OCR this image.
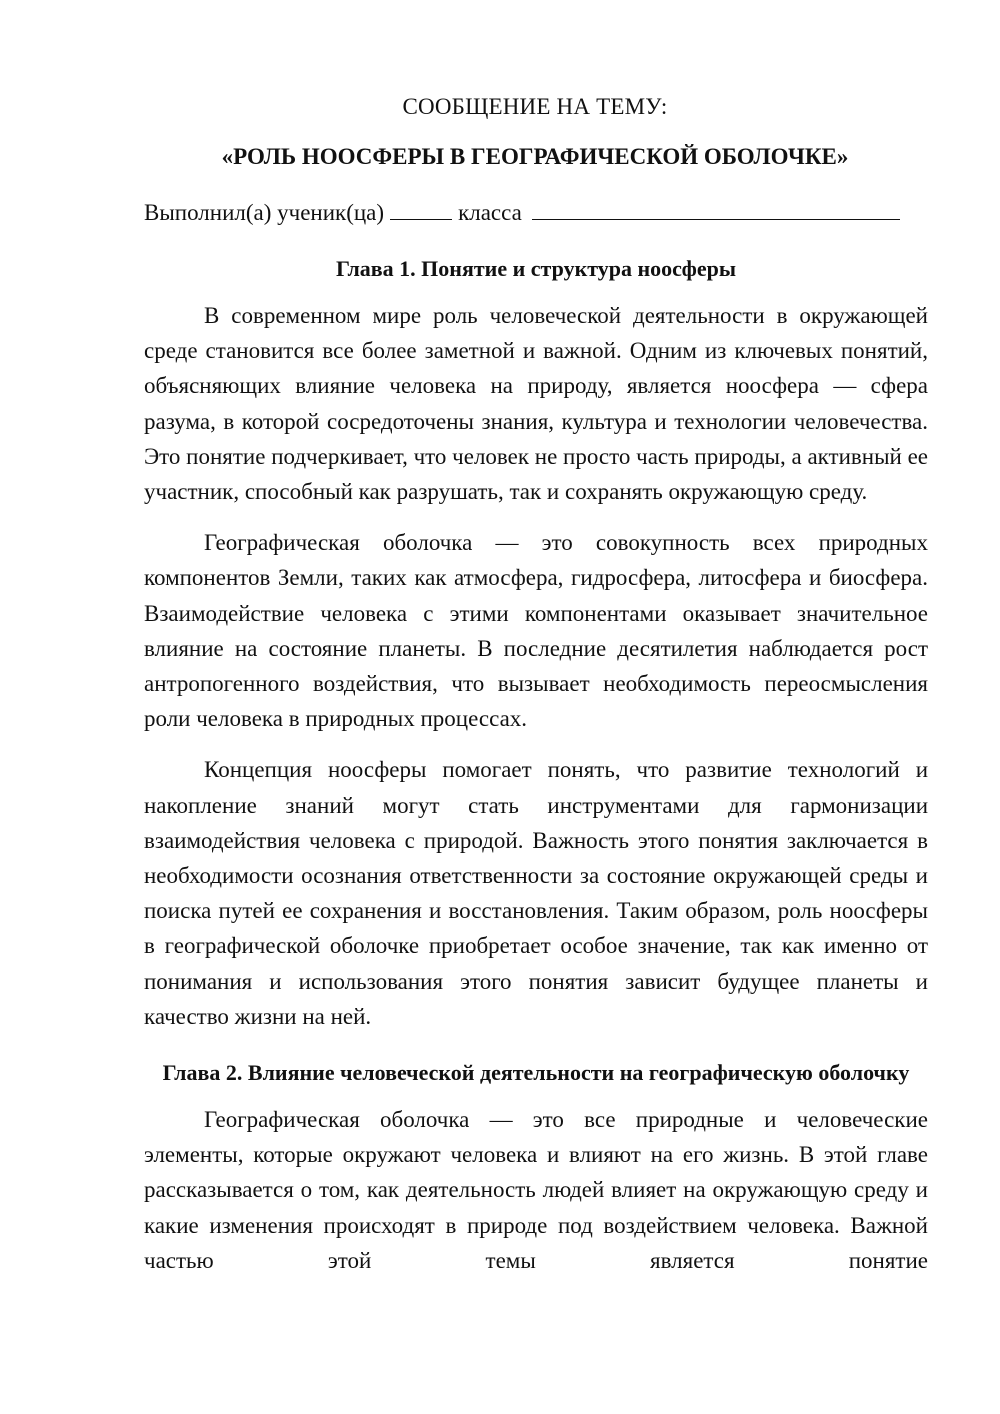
СООБЩЕНИЕ НА ТЕМУ:
«РОЛЬ НООСФЕРЫ В ГЕОГРАФИЧЕСКОЙ ОБОЛОЧКЕ»
Выполнил(а) ученик(ца)	класса
Глава 1. Понятие и структура ноосферы

В современном мире роль человеческой деятельности в окружающей среде становится все более заметной и важной. Одним из ключевых понятий, объясняющих влияние человека на природу, является ноосфера — сфера разума, в которой сосредоточены знания, культура и технологии человечества. Это понятие подчеркивает, что человек не просто часть природы, а активный ее участник, способный как разрушать, так и сохранять окружающую среду.

Географическая оболочка — это совокупность всех природных компонентов Земли, таких как атмосфера, гидросфера, литосфера и биосфера. Взаимодействие человека с этими компонентами оказывает значительное влияние на состояние планеты. В последние десятилетия наблюдается рост антропогенного воздействия, что вызывает необходимость переосмысления роли человека в природных процессах.

Концепция ноосферы помогает понять, что развитие технологий и накопление знаний могут стать инструментами для гармонизации взаимодействия человека с природой. Важность этого понятия заключается в необходимости осознания ответственности за состояние окружающей среды и поиска путей ее сохранения и восстановления. Таким образом, роль ноосферы в географической оболочке приобретает особое значение, так как именно от понимания и использования этого понятия зависит будущее планеты и качество жизни на ней.

Глава 2. Влияние человеческой деятельности на географическую оболочку

Географическая оболочка — это все природные и человеческие элементы, которые окружают человека и влияют на его жизнь. В этой главе рассказывается о том, как деятельность людей влияет на окружающую среду и какие изменения происходят в природе под воздействием человека. Важной частью этой темы является понятие
